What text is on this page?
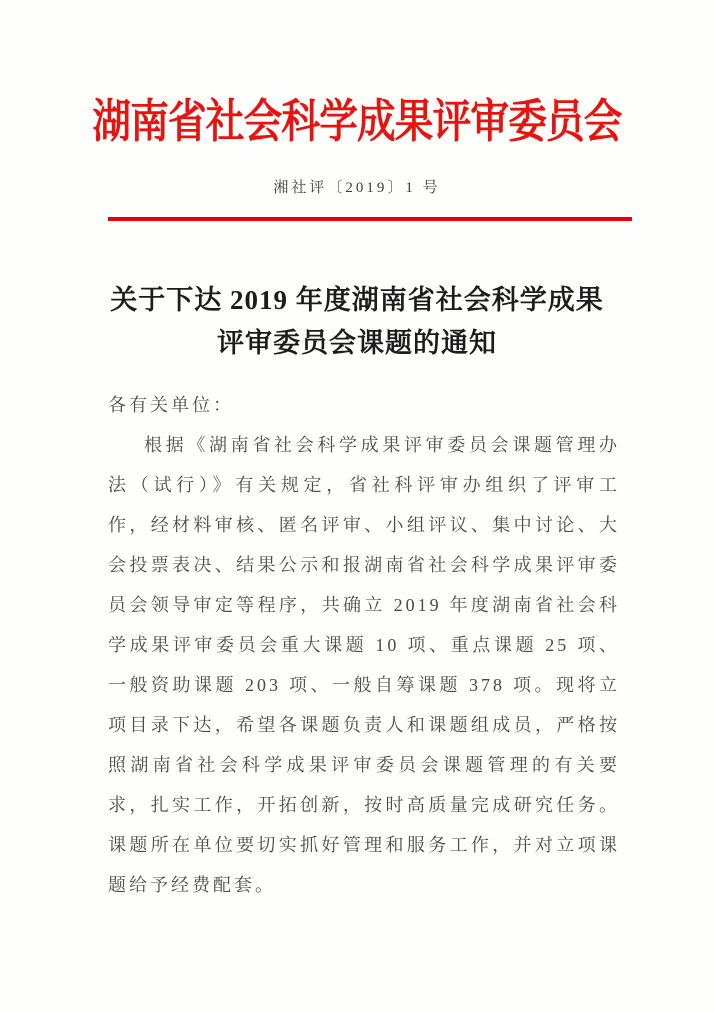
湖南省社会科学成果评审委员会
湘社评〔2019〕1 号
关于下达 2019 年度湖南省社会科学成果
评审委员会课题的通知

各有关单位：

根据《湖南省社会科学成果评审委员会课题管理办法（试行）》有关规定，省社科评审办组织了评审工作，经材料审核、匿名评审、小组评议、集中讨论、大会投票表决、结果公示和报湖南省社会科学成果评审委员会领导审定等程序，共确立 2019 年度湖南省社会科学成果评审委员会重大课题 10 项、重点课题 25 项、一般资助课题 203 项、一般自筹课题 378 项。现将立项目录下达，希望各课题负责人和课题组成员，严格按照湖南省社会科学成果评审委员会课题管理的有关要求，扎实工作，开拓创新，按时高质量完成研究任务。课题所在单位要切实抓好管理和服务工作，并对立项课题给予经费配套。
